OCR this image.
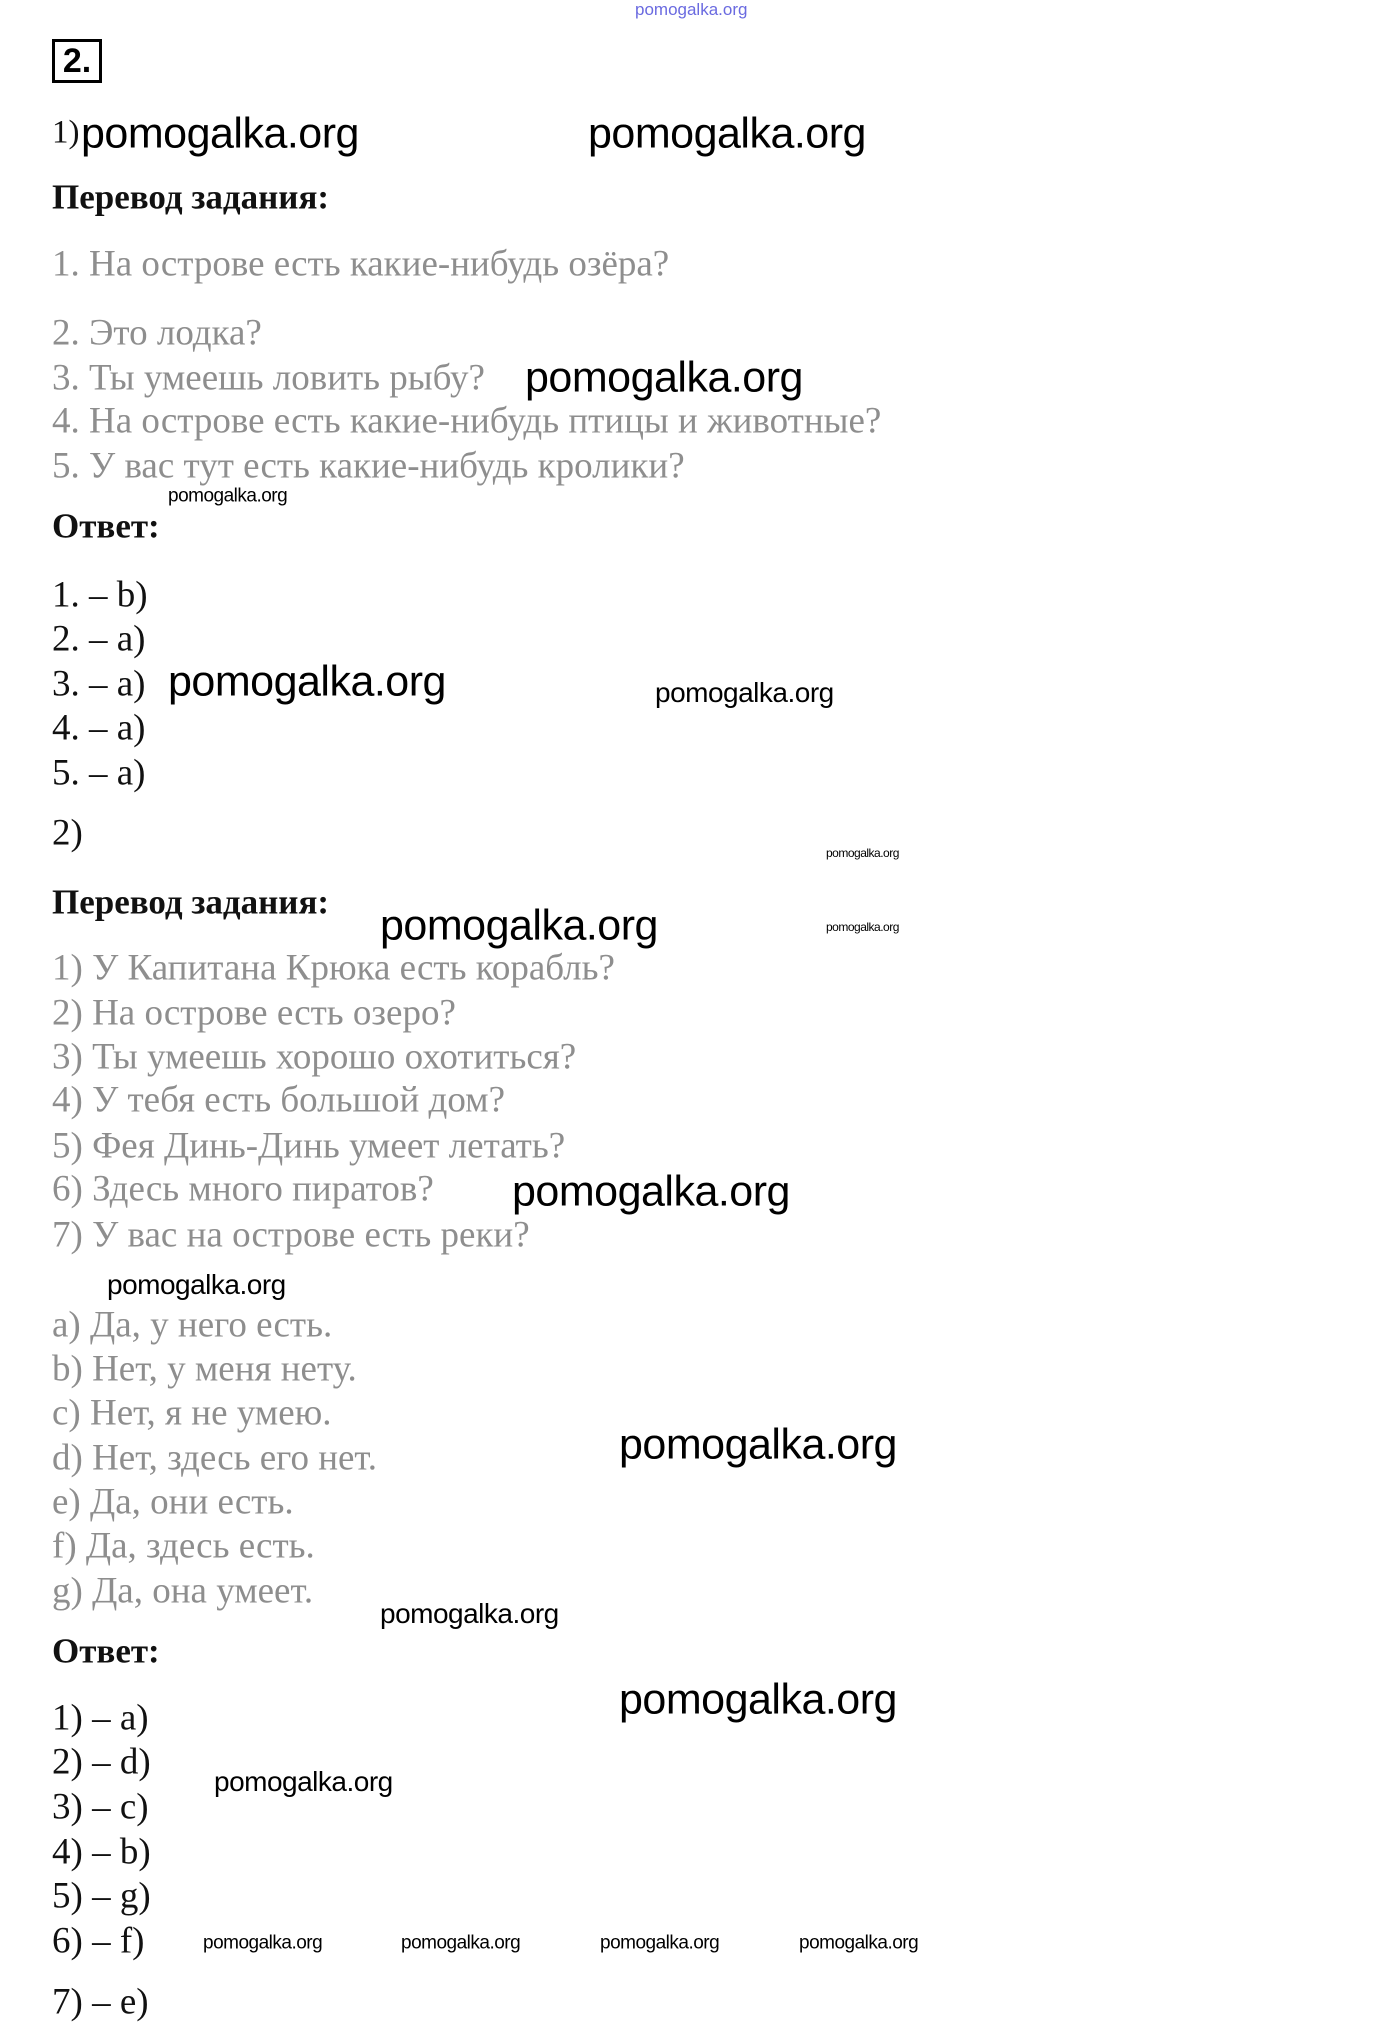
pomogalka.org
2.
1)
Перевод задания:
1. На острове есть какие-нибудь озёра?
2. Это лодка?
3. Ты умеешь ловить рыбу?
4. На острове есть какие-нибудь птицы и животные?
5. У вас тут есть какие-нибудь кролики?
Ответ:
1. – b)
2. – a)
3. – a)
4. – a)
5. – a)
2)
Перевод задания:
1) У Капитана Крюка есть корабль?
2) На острове есть озеро?
3) Ты умеешь хорошо охотиться?
4) У тебя есть большой дом?
5) Фея Динь-Динь умеет летать?
6) Здесь много пиратов?
7) У вас на острове есть реки?
a) Да, у него есть.
b) Нет, у меня нету.
c) Нет, я не умею.
d) Нет, здесь его нет.
e) Да, они есть.
f) Да, здесь есть.
g) Да, она умеет.
Ответ:
1) – a)
2) – d)
3) – c)
4) – b)
5) – g)
6) – f)
7) – e)
pomogalka.org	pomogalka.org
pomogalka.org
pomogalka.org
pomogalka.org	pomogalka.org
pomogalka.org
pomogalka.org
pomogalka.org
pomogalka.org
pomogalka.org
pomogalka.org
pomogalka.org
pomogalka.org
pomogalka.org
pomogalka.org	pomogalka.org	pomogalka.org	pomogalka.org
